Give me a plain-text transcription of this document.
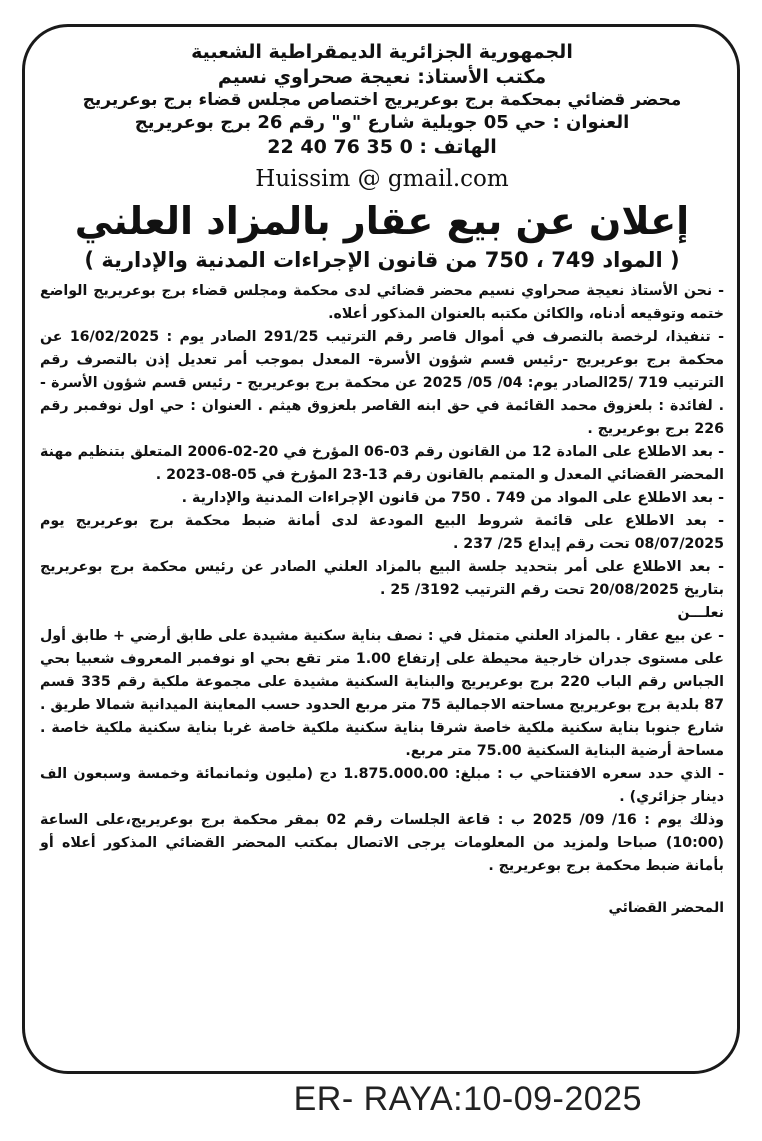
الجمهورية الجزائرية الديمقراطية الشعبية

مكتب الأستاذ: نعيجة صحراوي نسيم

محضر قضائي بمحكمة برج بوعريريج اختصاص مجلس قضاء برج بوعريريج

العنوان : حي 05 جويلية شارع "و" رقم 26 برج بوعريريج

الهاتف : 0 35 76 40 22

Huissim @ gmail.com

إعلان عن بيع عقار بالمزاد العلني

( المواد 749 ، 750 من قانون الإجراءات المدنية والإدارية )

- نحن الأستاذ نعيجة صحراوي نسيم محضر قضائي لدى محكمة ومجلس قضاء برج بوعريريج الواضع ختمه وتوقيعه أدناه، والكائن مكتبه بالعنوان المذكور أعلاه.

- تنفيذا، لرخصة بالتصرف في أموال قاصر رقم الترتيب 291/25 الصادر يوم : 16/02/2025 عن محكمة برج بوعريريج -رئيس قسم شؤون الأسرة- المعدل بموجب أمر تعديل إذن بالتصرف رقم الترتيب 719 /25الصادر يوم: 04/ 05/ 2025 عن محكمة برج بوعريريج - رئيس قسم شؤون الأسرة - . لفائدة : بلعزوق محمد القائمة في حق ابنه القاصر بلعزوق هيثم . العنوان : حي اول نوفمبر رقم 226 برج بوعريريج .

- بعد الاطلاع على المادة 12 من القانون رقم 03-06 المؤرخ في 20-02-2006 المتعلق بتنظيم مهنة المحضر القضائي المعدل و المتمم بالقانون رقم 13-23 المؤرخ في 05-08-2023 .

- بعد الاطلاع على المواد من 749 . 750 من قانون الإجراءات المدنية والإدارية .

- بعد الاطلاع على قائمة شروط البيع المودعة لدى أمانة ضبط محكمة برج بوعريريج يوم 08/07/2025 تحت رقم إيداع 25/ 237 .

- بعد الاطلاع على أمر بتحديد جلسة البيع بالمزاد العلني الصادر عن رئيس محكمة برج بوعريريج بتاريخ 20/08/2025 تحت رقم الترتيب 3192/ 25 .

نعلـــن

- عن بيع عقار . بالمزاد العلني متمثل في : نصف بناية سكنية مشيدة على طابق أرضي + طابق أول على مستوى جدران خارجية محيطة على إرتفاع 1.00 متر تقع بحي او نوفمبر المعروف شعبيا بحي الجباس رقم الباب 220 برج بوعريريج والبناية السكنية مشيدة على مجموعة ملكية رقم 335 قسم 87 بلدية برج بوعريريج مساحته الاجمالية 75 متر مربع الحدود حسب المعاينة الميدانية شمالا طريق . شارع جنوبا بناية سكنية ملكية خاصة شرقا بناية سكنية ملكية خاصة غربا بناية سكنية ملكية خاصة . مساحة أرضية البناية السكنية 75.00 متر مربع.

- الذي حدد سعره الافتتاحي ب : مبلغ: 1.875.000.00 دج (مليون وثمانمائة وخمسة وسبعون الف دينار جزائري) .

وذلك يوم : 16/ 09/ 2025 ب : قاعة الجلسات رقم 02 بمقر محكمة برج بوعريريج،على الساعة (10:00) صباحا ولمزيد من المعلومات يرجى الاتصال بمكتب المحضر القضائي المذكور أعلاه أو بأمانة ضبط محكمة برج بوعريريج .

المحضر القضائي

ER- RAYA:10-09-2025
